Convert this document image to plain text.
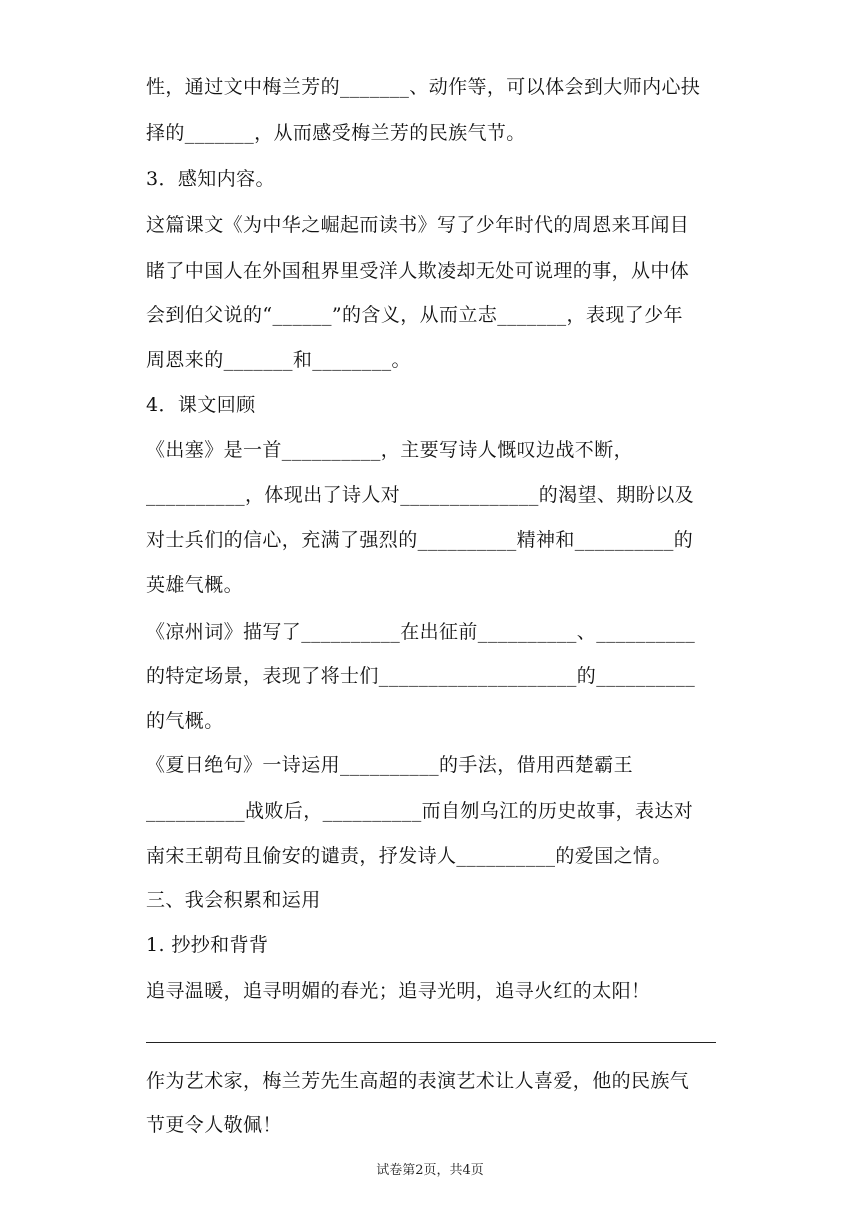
性，通过文中梅兰芳的_______、动作等，可以体会到大师内心抉
择的_______，从而感受梅兰芳的民族气节。
3．感知内容。
这篇课文《为中华之崛起而读书》写了少年时代的周恩来耳闻目
睹了中国人在外国租界里受洋人欺凌却无处可说理的事，从中体
会到伯父说的“______”的含义，从而立志_______，表现了少年
周恩来的_______和________。
4．课文回顾
《出塞》是一首__________，主要写诗人慨叹边战不断，
__________，体现出了诗人对______________的渴望、期盼以及
对士兵们的信心，充满了强烈的__________精神和__________的
英雄气概。
《凉州词》描写了__________在出征前__________、__________
的特定场景，表现了将士们____________________的__________
的气概。
《夏日绝句》一诗运用__________的手法，借用西楚霸王
__________战败后，__________而自刎乌江的历史故事，表达对
南宋王朝苟且偷安的谴责，抒发诗人__________的爱国之情。
三、我会积累和运用
1. 抄抄和背背
追寻温暖，追寻明媚的春光；追寻光明，追寻火红的太阳！
作为艺术家，梅兰芳先生高超的表演艺术让人喜爱，他的民族气
节更令人敬佩！
试卷第2页，共4页
